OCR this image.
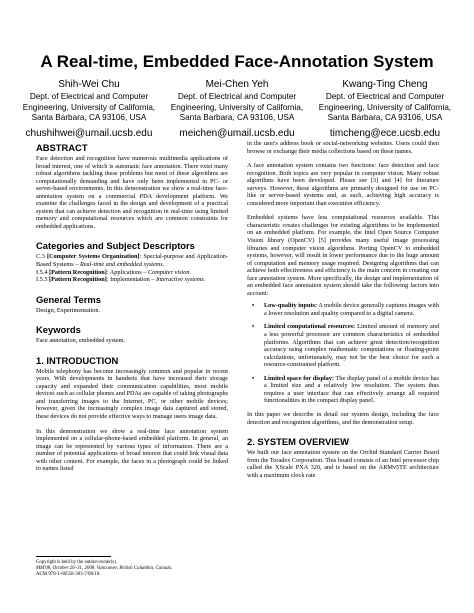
A Real-time, Embedded Face-Annotation System
Shih-Wei Chu
Dept. of Electrical and Computer
Engineering, University of California,
Santa Barbara, CA 93106, USA
chushihwei@umail.ucsb.edu
Mei-Chen Yeh
Dept. of Electrical and Computer
Engineering, University of California,
Santa Barbara, CA 93106, USA
meichen@umail.ucsb.edu
Kwang-Ting Cheng
Dept. of Electrical and Computer
Engineering, University of California,
Santa Barbara, CA 93106, USA
timcheng@ece.ucsb.edu
ABSTRACT

Face detection and recognition have numerous multimedia applications of broad interest, one of which is automatic face annotation. There exist many robust algorithms tackling these problems but most of these algorithms are computationally demanding and have only been implemented in PC- or server-based environments. In this demonstration we show a real-time face-annotation system on a commercial PDA development platform. We examine the challenges faced in the design and development of a practical system that can achieve detection and recognition in real-time using limited memory and computational resources which are common constraints for embedded applications.

Categories and Subject Descriptors

C.3 [Computer Systems Organization]: Special-purpose and Application-Based Systems – Real-time and embedded systems.

I.5.4 [Pattern Recognition]: Applications – Computer vision.

I.5.5 [Pattern Recognition]: Implementation – Interactive systems.

General Terms

Design, Experimentation.

Keywords

Face annotation, embedded system.

1. INTRODUCTION

Mobile telephony has become increasingly common and popular in recent years. With developments in handsets that have increased their storage capacity and expanded their communication capabilities, most mobile devices such as cellular phones and PDAs are capable of taking photographs and transferring images to the Internet, PC, or other mobile devices; however, given the increasingly complex image data captured and stored, these devices do not provide effective ways to manage users image data.

In this demonstration we show a real-time face annotation system implemented on a cellular-phone-based embedded platform. In general, an image can be represented by various types of information. There are a number of potential applications of broad interest that could link visual data with other content. For example, the faces in a photograph could be linked to names listed

Copyright is held by the author/owner(s).
MM'08, October 26–31, 2008, Vancouver, British Columbia, Canada.
ACM 978-1-60558-303-7/08/10.

in the user's address book or social-networking websites. Users could then browse or exchange their media collections based on these names.

A face annotation system contains two functions: face detection and face recognition. Both topics are very popular in computer vision. Many robust algorithms have been developed. Please see [3] and [4] for literature surveys. However, these algorithms are primarily designed for use on PC-like or server-based systems and, as such, achieving high accuracy is considered more important than execution efficiency.

Embedded systems have less computational resources available. This characteristic creates challenges for existing algorithms to be implemented on an embedded platform. For example, the Intel Open Source Computer Vision library (OpenCV) [5] provides many useful image processing libraries and computer vision algorithms. Porting OpenCV to embedded systems, however, will result in lower performance due to the huge amount of computation and memory usage required. Designing algorithms that can achieve both effectiveness and efficiency is the main concern in creating our face annotation system. More specifically, the design and implementation of an embedded face annotation system should take the following factors into account:

• Low-quality inputs: A mobile device generally captures images with a lower resolution and quality compared to a digital camera.
• Limited computational resources: Limited amount of memory and a less powerful processor are common characteristics of embedded platforms. Algorithms that can achieve great detection/recognition accuracy using complex mathematic computations or floating-point calculations, unfortunately, may not be the best choice for such a resource-constrained platform.
• Limited space for display: The display panel of a mobile device has a limited size and a relatively low resolution. The system thus requires a user interface that can effectively arrange all required functionalities in the compact display panel.

In this paper we describe in detail our system design, including the face detection and recognition algorithms, and the demonstration setup.

2. SYSTEM OVERVIEW

We built our face annotation system on the Orchid Standard Carrier Board from the Toradex Corporation. This board consists of an Intel processor chip called the XScale PXA 320, and is based on the ARMv5TE architecture with a maximum clock rate
